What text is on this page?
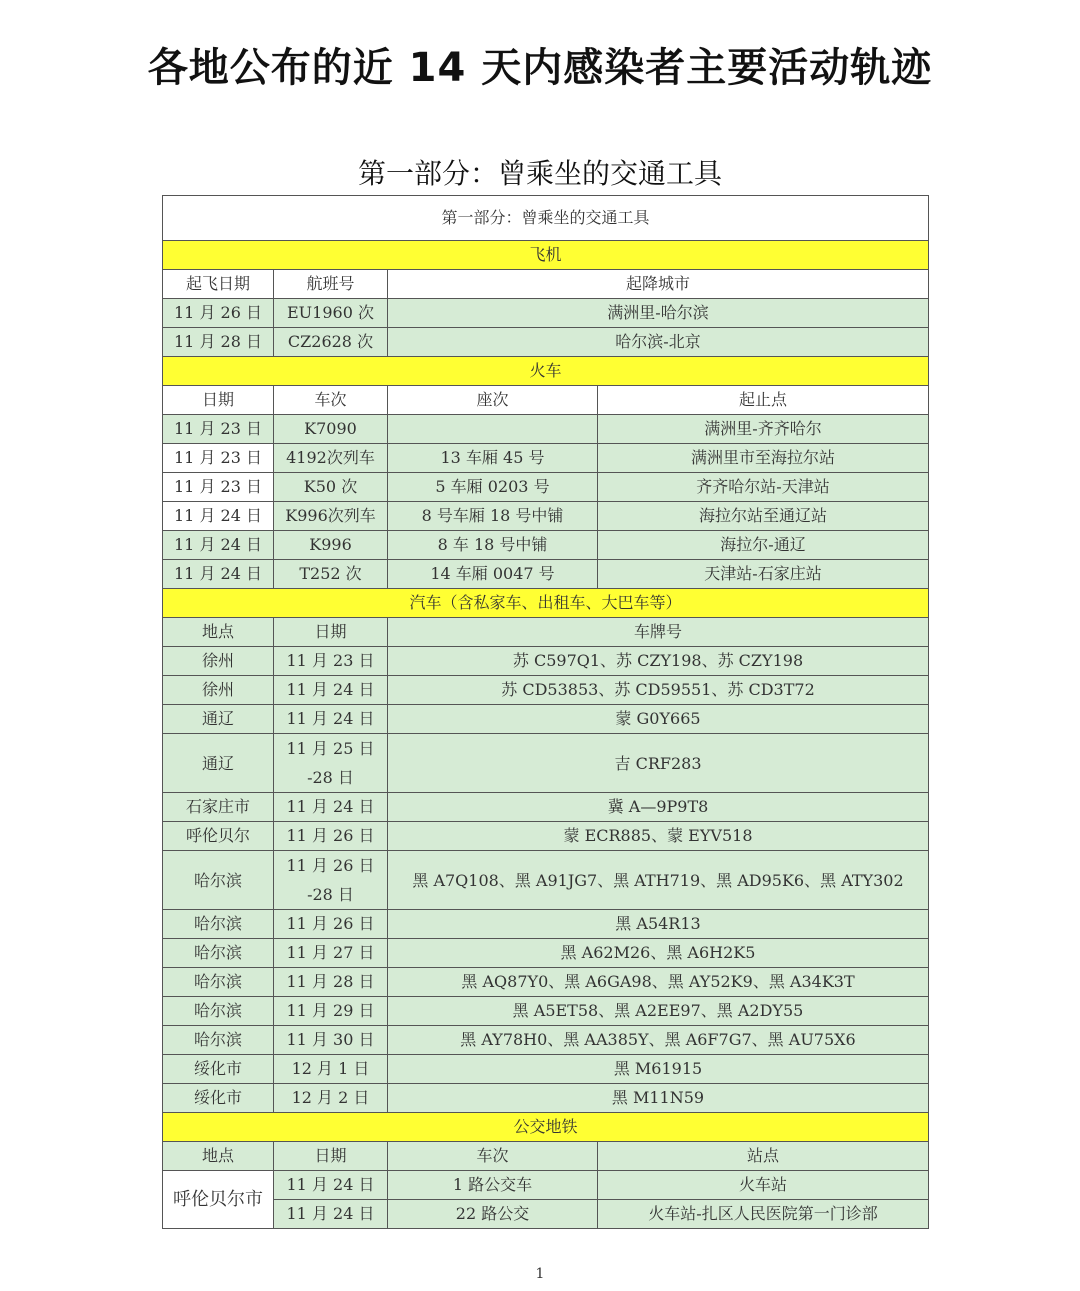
各地公布的近 14 天内感染者主要活动轨迹
第一部分：曾乘坐的交通工具
第一部分：曾乘坐的交通工具			
飞机			
起飞日期	航班号	起降城市	
11 月 26 日	EU1960 次	满洲里-哈尔滨	
11 月 28 日	CZ2628 次	哈尔滨-北京	
火车			
日期	车次	座次	起止点
11 月 23 日	K7090		满洲里-齐齐哈尔
11 月 23 日	4192次列车	13 车厢 45 号	满洲里市至海拉尔站
11 月 23 日	K50 次	5 车厢 0203 号	齐齐哈尔站-天津站
11 月 24 日	K996次列车	8 号车厢 18 号中铺	海拉尔站至通辽站
11 月 24 日	K996	8 车 18 号中铺	海拉尔-通辽
11 月 24 日	T252 次	14 车厢 0047 号	天津站-石家庄站
汽车（含私家车、出租车、大巴车等）			
地点	日期	车牌号	
徐州	11 月 23 日	苏 C597Q1、苏 CZY198、苏 CZY198	
徐州	11 月 24 日	苏 CD53853、苏 CD59551、苏 CD3T72	
通辽	11 月 24 日	蒙 G0Y665	
通辽	11 月 25 日 -28 日	吉 CRF283	
石家庄市	11 月 24 日	冀 A—9P9T8	
呼伦贝尔	11 月 26 日	蒙 ECR885、蒙 EYV518	
哈尔滨	11 月 26 日 -28 日	黑 A7Q108、黑 A91JG7、黑 ATH719、黑 AD95K6、黑 ATY302	
哈尔滨	11 月 26 日	黑 A54R13	
哈尔滨	11 月 27 日	黑 A62M26、黑 A6H2K5	
哈尔滨	11 月 28 日	黑 AQ87Y0、黑 A6GA98、黑 AY52K9、黑 A34K3T	
哈尔滨	11 月 29 日	黑 A5ET58、黑 A2EE97、黑 A2DY55	
哈尔滨	11 月 30 日	黑 AY78H0、黑 AA385Y、黑 A6F7G7、黑 AU75X6	
绥化市	12 月 1 日	黑 M61915	
绥化市	12 月 2 日	黑 M11N59	
公交地铁			
地点	日期	车次	站点
呼伦贝尔市	11 月 24 日	1 路公交车	火车站
	11 月 24 日	22 路公交	火车站-扎区人民医院第一门诊部
1
